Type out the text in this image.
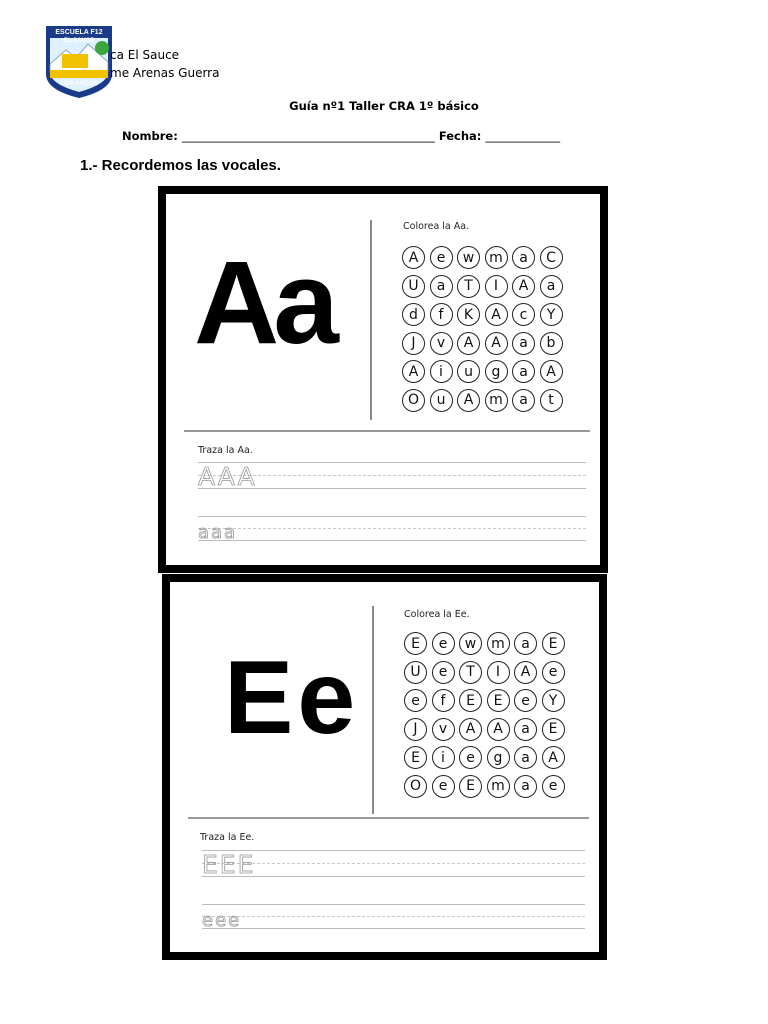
ESCUELA F12
EL SAUCE
LOS ANDES
ca El Sauce
me Arenas Guerra
Guía nº1 Taller CRA 1º básico
Nombre: ____________________________________________ Fecha: _____________
1.- Recordemos las vocales.
Aa
Colorea la Aa.
A	e	w	m	a	C
U	a	T	I	A	a
d	f	K	A	c	Y
J	v	A	A	a	b
A	i	u	g	a	A
O	u	A	m	a	t
Traza la Aa.
AAA
aaa
Ee
Colorea la Ee.
E	e	w	m	a	E
U	e	T	I	A	e
e	f	E	E	e	Y
J	v	A	A	a	E
E	i	e	g	a	A
O	e	E	m	a	e
Traza la Ee.
EEE
eee
